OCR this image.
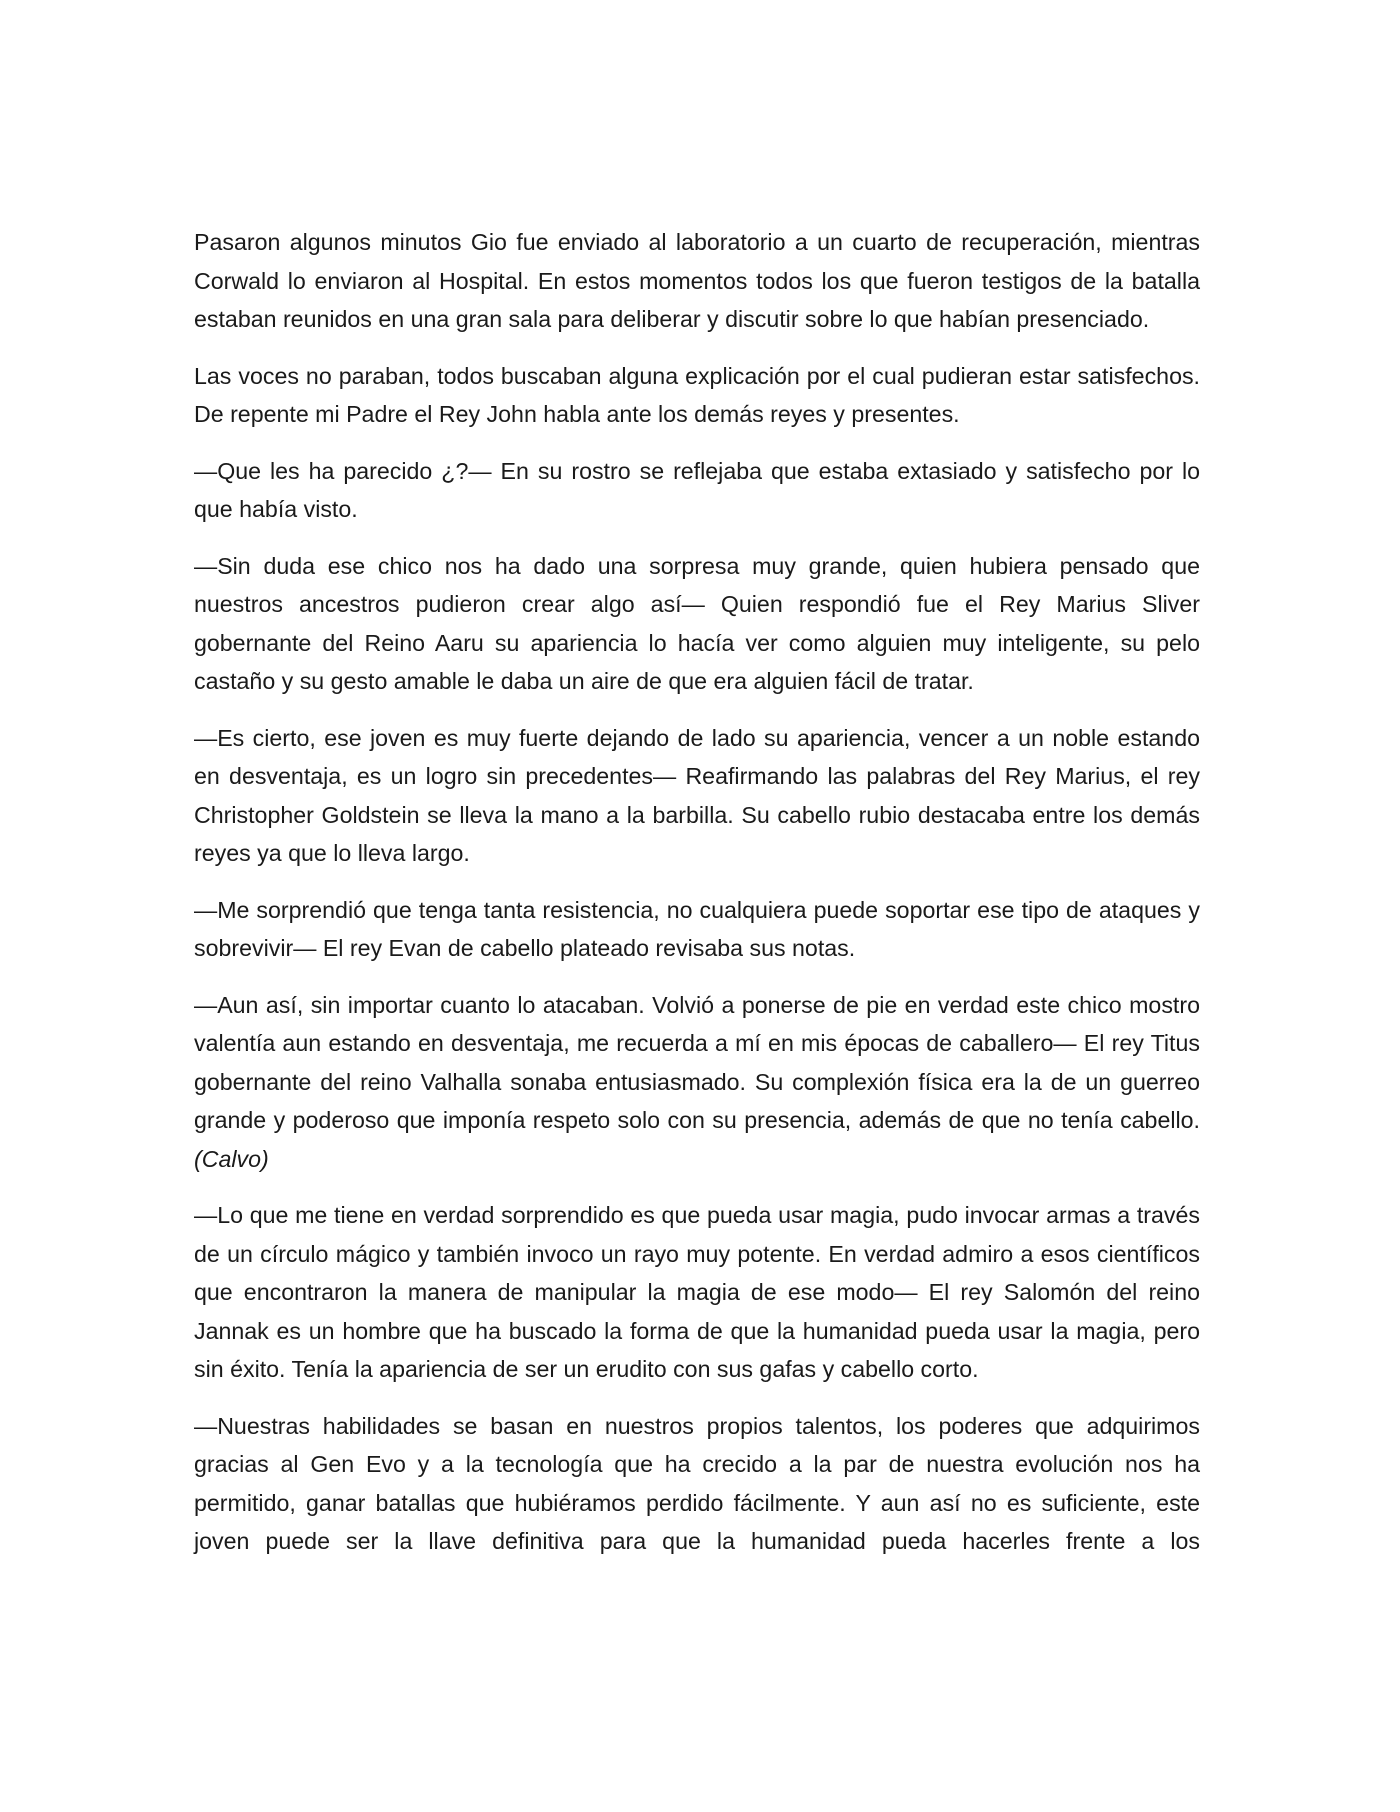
Pasaron algunos minutos Gio fue enviado al laboratorio a un cuarto de recuperación, mientras Corwald lo enviaron al Hospital. En estos momentos todos los que fueron testigos de la batalla estaban reunidos en una gran sala para deliberar y discutir sobre lo que habían presenciado.

Las voces no paraban, todos buscaban alguna explicación por el cual pudieran estar satisfechos. De repente mi Padre el Rey John habla ante los demás reyes y presentes.

—Que les ha parecido ¿?— En su rostro se reflejaba que estaba extasiado y satisfecho por lo que había visto.

—Sin duda ese chico nos ha dado una sorpresa muy grande, quien hubiera pensado que nuestros ancestros pudieron crear algo así— Quien respondió fue el Rey Marius Sliver gobernante del Reino Aaru su apariencia lo hacía ver como alguien muy inteligente, su pelo castaño y su gesto amable le daba un aire de que era alguien fácil de tratar.

—Es cierto, ese joven es muy fuerte dejando de lado su apariencia, vencer a un noble estando en desventaja, es un logro sin precedentes— Reafirmando las palabras del Rey Marius, el rey Christopher Goldstein se lleva la mano a la barbilla. Su cabello rubio destacaba entre los demás reyes ya que lo lleva largo.

—Me sorprendió que tenga tanta resistencia, no cualquiera puede soportar ese tipo de ataques y sobrevivir— El rey Evan de cabello plateado revisaba sus notas.

—Aun así, sin importar cuanto lo atacaban. Volvió a ponerse de pie en verdad este chico mostro valentía aun estando en desventaja, me recuerda a mí en mis épocas de caballero— El rey Titus gobernante del reino Valhalla sonaba entusiasmado. Su complexión física era la de un guerreo grande y poderoso que imponía respeto solo con su presencia, además de que no tenía cabello. (Calvo)

—Lo que me tiene en verdad sorprendido es que pueda usar magia, pudo invocar armas a través de un círculo mágico y también invoco un rayo muy potente. En verdad admiro a esos científicos que encontraron la manera de manipular la magia de ese modo— El rey Salomón del reino Jannak es un hombre que ha buscado la forma de que la humanidad pueda usar la magia, pero sin éxito. Tenía la apariencia de ser un erudito con sus gafas y cabello corto.

—Nuestras habilidades se basan en nuestros propios talentos, los poderes que adquirimos gracias al Gen Evo y a la tecnología que ha crecido a la par de nuestra evolución nos ha permitido, ganar batallas que hubiéramos perdido fácilmente. Y aun así no es suficiente, este joven puede ser la llave definitiva para que la humanidad pueda hacerles frente a los
